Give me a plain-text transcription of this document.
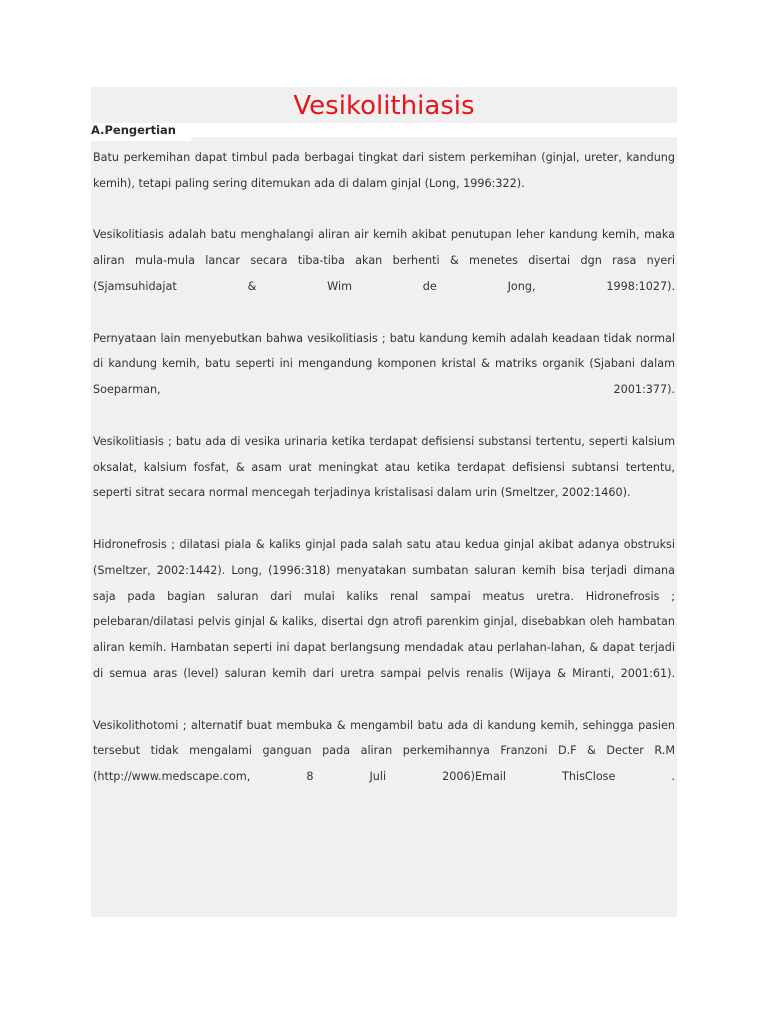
Vesikolithiasis
A.Pengertian

Batu perkemihan dapat timbul pada berbagai tingkat dari sistem perkemihan (ginjal, ureter, kandung kemih), tetapi paling sering ditemukan ada di dalam ginjal (Long, 1996:322).

Vesikolitiasis adalah batu menghalangi aliran air kemih akibat penutupan leher kandung kemih, maka aliran mula-mula lancar secara tiba-tiba akan berhenti & menetes disertai dgn rasa nyeri (Sjamsuhidajat & Wim de Jong, 1998:1027).

Pernyataan lain menyebutkan bahwa vesikolitiasis ; batu kandung kemih adalah keadaan tidak normal di kandung kemih, batu seperti ini mengandung komponen kristal & matriks organik (Sjabani dalam Soeparman, 2001:377).

Vesikolitiasis ; batu ada di vesika urinaria ketika terdapat defisiensi substansi tertentu, seperti kalsium oksalat, kalsium fosfat, & asam urat meningkat atau ketika terdapat defisiensi subtansi tertentu, seperti sitrat secara normal mencegah terjadinya kristalisasi dalam urin (Smeltzer, 2002:1460).

Hidronefrosis ; dilatasi piala & kaliks ginjal pada salah satu atau kedua ginjal akibat adanya obstruksi (Smeltzer, 2002:1442). Long, (1996:318) menyatakan sumbatan saluran kemih bisa terjadi dimana saja pada bagian saluran dari mulai kaliks renal sampai meatus uretra. Hidronefrosis ; pelebaran/dilatasi pelvis ginjal & kaliks, disertai dgn atrofi parenkim ginjal, disebabkan oleh hambatan aliran kemih. Hambatan seperti ini dapat berlangsung mendadak atau perlahan-lahan, & dapat terjadi di semua aras (level) saluran kemih dari uretra sampai pelvis renalis (Wijaya & Miranti, 2001:61).

Vesikolithotomi ; alternatif buat membuka & mengambil batu ada di kandung kemih, sehingga pasien tersebut tidak mengalami ganguan pada aliran perkemihannya Franzoni D.F & Decter R.M (http://www.medscape.com, 8 Juli 2006)Email ThisClose .
